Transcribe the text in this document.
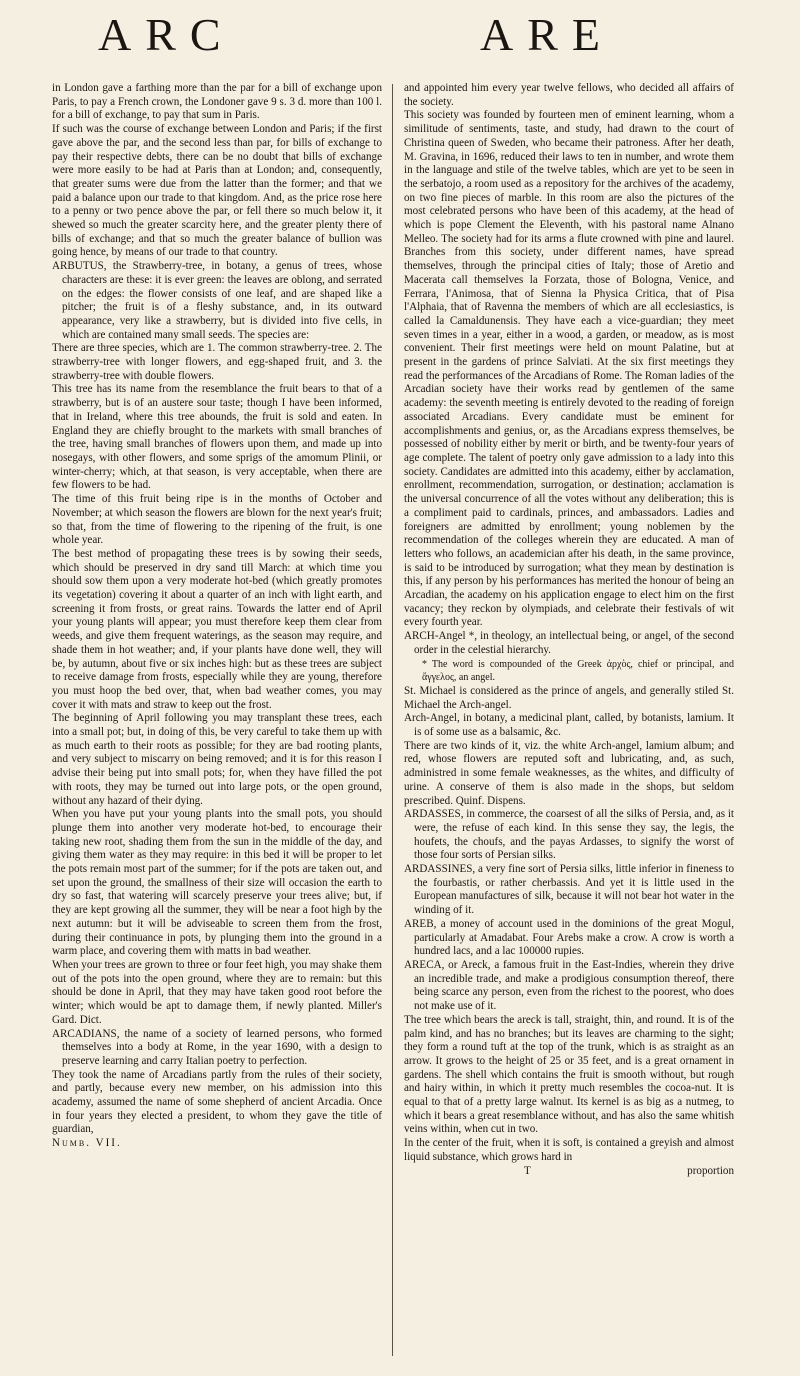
ARC	ARE

in London gave a farthing more than the par for a bill of exchange upon Paris, to pay a French crown, the Londoner gave 9 s. 3 d. more than 100 l. for a bill of exchange, to pay that sum in Paris.

If such was the course of exchange between London and Paris; if the first gave above the par, and the second less than par, for bills of exchange to pay their respective debts, there can be no doubt that bills of exchange were more easily to be had at Paris than at London; and, consequently, that greater sums were due from the latter than the former; and that we paid a balance upon our trade to that kingdom. And, as the price rose here to a penny or two pence above the par, or fell there so much below it, it shewed so much the greater scarcity here, and the greater plenty there of bills of exchange; and that so much the greater balance of bullion was going hence, by means of our trade to that country.

ARBUTUS, the Strawberry-tree, in botany, a genus of trees, whose characters are these: it is ever green: the leaves are oblong, and serrated on the edges: the flower consists of one leaf, and are shaped like a pitcher; the fruit is of a fleshy substance, and, in its outward appearance, very like a strawberry, but is divided into five cells, in which are contained many small seeds. The species are:

There are three species, which are 1. The common strawberry-tree. 2. The strawberry-tree with longer flowers, and egg-shaped fruit, and 3. the strawberry-tree with double flowers.

This tree has its name from the resemblance the fruit bears to that of a strawberry, but is of an austere sour taste; though I have been informed, that in Ireland, where this tree abounds, the fruit is sold and eaten. In England they are chiefly brought to the markets with small branches of the tree, having small branches of flowers upon them, and made up into nosegays, with other flowers, and some sprigs of the amomum Plinii, or winter-cherry; which, at that season, is very acceptable, when there are few flowers to be had.

The time of this fruit being ripe is in the months of October and November; at which season the flowers are blown for the next year's fruit; so that, from the time of flowering to the ripening of the fruit, is one whole year.

The best method of propagating these trees is by sowing their seeds, which should be preserved in dry sand till March: at which time you should sow them upon a very moderate hot-bed (which greatly promotes its vegetation) covering it about a quarter of an inch with light earth, and screening it from frosts, or great rains. Towards the latter end of April your young plants will appear; you must therefore keep them clear from weeds, and give them frequent waterings, as the season may require, and shade them in hot weather; and, if your plants have done well, they will be, by autumn, about five or six inches high: but as these trees are subject to receive damage from frosts, especially while they are young, therefore you must hoop the bed over, that, when bad weather comes, you may cover it with mats and straw to keep out the frost.

The beginning of April following you may transplant these trees, each into a small pot; but, in doing of this, be very careful to take them up with as much earth to their roots as possible; for they are bad rooting plants, and very subject to miscarry on being removed; and it is for this reason I advise their being put into small pots; for, when they have filled the pot with roots, they may be turned out into large pots, or the open ground, without any hazard of their dying.

When you have put your young plants into the small pots, you should plunge them into another very moderate hot-bed, to encourage their taking new root, shading them from the sun in the middle of the day, and giving them water as they may require: in this bed it will be proper to let the pots remain most part of the summer; for if the pots are taken out, and set upon the ground, the smallness of their size will occasion the earth to dry so fast, that watering will scarcely preserve your trees alive; but, if they are kept growing all the summer, they will be near a foot high by the next autumn: but it will be adviseable to screen them from the frost, during their continuance in pots, by plunging them into the ground in a warm place, and covering them with matts in bad weather.

When your trees are grown to three or four feet high, you may shake them out of the pots into the open ground, where they are to remain: but this should be done in April, that they may have taken good root before the winter; which would be apt to damage them, if newly planted. Miller's Gard. Dict.

ARCADIANS, the name of a society of learned persons, who formed themselves into a body at Rome, in the year 1690, with a design to preserve learning and carry Italian poetry to perfection.

They took the name of Arcadians partly from the rules of their society, and partly, because every new member, on his admission into this academy, assumed the name of some shepherd of ancient Arcadia. Once in four years they elected a president, to whom they gave the title of guardian,

Numb. VII.

and appointed him every year twelve fellows, who decided all affairs of the society.

This society was founded by fourteen men of eminent learning, whom a similitude of sentiments, taste, and study, had drawn to the court of Christina queen of Sweden, who became their patroness. After her death, M. Gravina, in 1696, reduced their laws to ten in number, and wrote them in the language and stile of the twelve tables, which are yet to be seen in the serbatojo, a room used as a repository for the archives of the academy, on two fine pieces of marble. In this room are also the pictures of the most celebrated persons who have been of this academy, at the head of which is pope Clement the Eleventh, with his pastoral name Alnano Melleo. The society had for its arms a flute crowned with pine and laurel. Branches from this society, under different names, have spread themselves, through the principal cities of Italy; those of Aretio and Macerata call themselves la Forzata, those of Bologna, Venice, and Ferrara, l'Animosa, that of Sienna la Physica Critica, that of Pisa l'Alphaia, that of Ravenna the members of which are all ecclesiastics, is called la Camaldunensis. They have each a vice-guardian; they meet seven times in a year, either in a wood, a garden, or meadow, as is most convenient. Their first meetings were held on mount Palatine, but at present in the gardens of prince Salviati. At the six first meetings they read the performances of the Arcadians of Rome. The Roman ladies of the Arcadian society have their works read by gentlemen of the same academy: the seventh meeting is entirely devoted to the reading of foreign associated Arcadians. Every candidate must be eminent for accomplishments and genius, or, as the Arcadians express themselves, be possessed of nobility either by merit or birth, and be twenty-four years of age complete. The talent of poetry only gave admission to a lady into this society. Candidates are admitted into this academy, either by acclamation, enrollment, recommendation, surrogation, or destination; acclamation is the universal concurrence of all the votes without any deliberation; this is a compliment paid to cardinals, princes, and ambassadors. Ladies and foreigners are admitted by enrollment; young noblemen by the recommendation of the colleges wherein they are educated. A man of letters who follows, an academician after his death, in the same province, is said to be introduced by surrogation; what they mean by destination is this, if any person by his performances has merited the honour of being an Arcadian, the academy on his application engage to elect him on the first vacancy; they reckon by olympiads, and celebrate their festivals of wit every fourth year.

ARCH-Angel *, in theology, an intellectual being, or angel, of the second order in the celestial hierarchy.

* The word is compounded of the Greek ἀρχὸς, chief or principal, and ἄγγελος, an angel.

St. Michael is considered as the prince of angels, and generally stiled St. Michael the Arch-angel.

Arch-Angel, in botany, a medicinal plant, called, by botanists, lamium. It is of some use as a balsamic, &c.

There are two kinds of it, viz. the white Arch-angel, lamium album; and red, whose flowers are reputed soft and lubricating, and, as such, administred in some female weaknesses, as the whites, and difficulty of urine. A conserve of them is also made in the shops, but seldom prescribed. Quinf. Dispens.

ARDASSES, in commerce, the coarsest of all the silks of Persia, and, as it were, the refuse of each kind. In this sense they say, the legis, the houfets, the choufs, and the payas Ardasses, to signify the worst of those four sorts of Persian silks.

ARDASSINES, a very fine sort of Persia silks, little inferior in fineness to the fourbastis, or rather cherbassis. And yet it is little used in the European manufactures of silk, because it will not bear hot water in the winding of it.

AREB, a money of account used in the dominions of the great Mogul, particularly at Amadabat. Four Arebs make a crow. A crow is worth a hundred lacs, and a lac 100000 rupies.

ARECA, or Areck, a famous fruit in the East-Indies, wherein they drive an incredible trade, and make a prodigious consumption thereof, there being scarce any person, even from the richest to the poorest, who does not make use of it.

The tree which bears the areck is tall, straight, thin, and round. It is of the palm kind, and has no branches; but its leaves are charming to the sight; they form a round tuft at the top of the trunk, which is as straight as an arrow. It grows to the height of 25 or 35 feet, and is a great ornament in gardens. The shell which contains the fruit is smooth without, but rough and hairy within, in which it pretty much resembles the cocoa-nut. It is equal to that of a pretty large walnut. Its kernel is as big as a nutmeg, to which it bears a great resemblance without, and has also the same whitish veins within, when cut in two.

In the center of the fruit, when it is soft, is contained a greyish and almost liquid substance, which grows hard in

T	proportion
